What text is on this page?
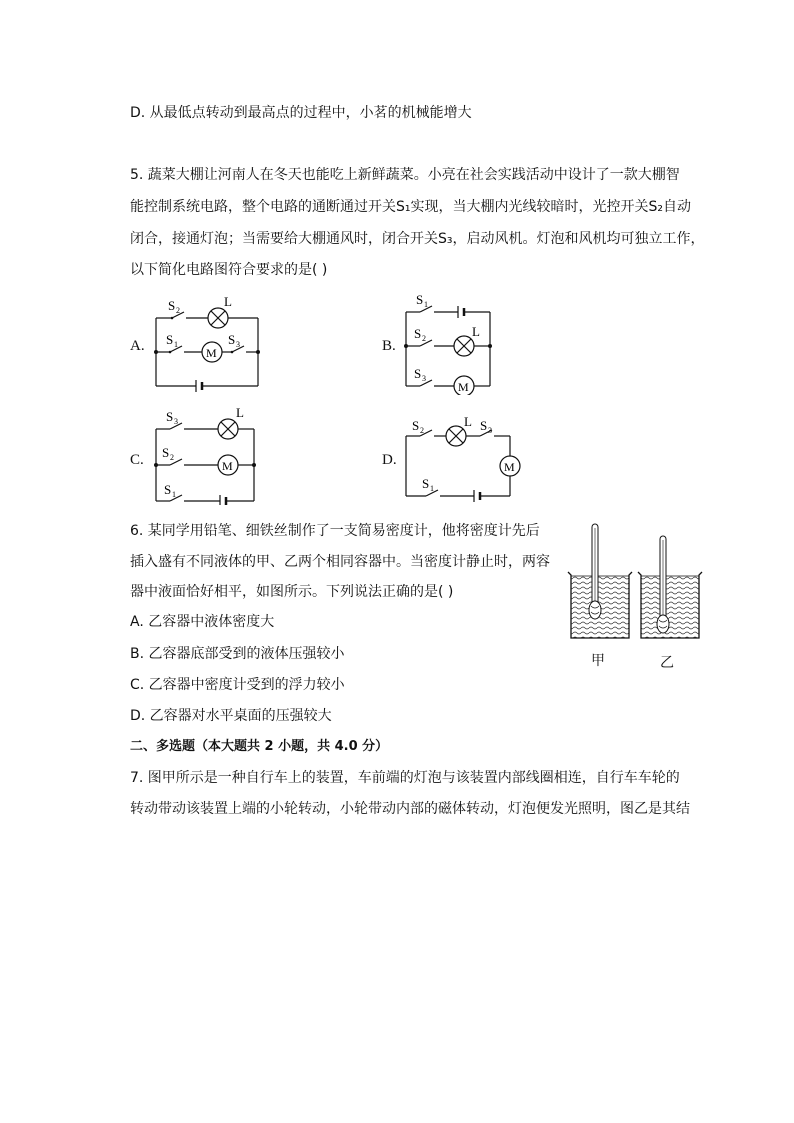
D. 从最低点转动到最高点的过程中，小茗的机械能增大
5. 蔬菜大棚让河南人在冬天也能吃上新鲜蔬菜。小亮在社会实践活动中设计了一款大棚智
能控制系统电路，整个电路的通断通过开关S₁实现，当大棚内光线较暗时，光控开关S₂自动
闭合，接通灯泡；当需要给大棚通风时，闭合开关S₃，启动风机。灯泡和风机均可独立工作，
以下简化电路图符合要求的是( )
A.
S 2
L
S 1
M
S 3	B.
S 1
S 2	L
S 3
M
C.
S 3
L
S 2
M
S 1
D.
S 2
L S 3
M
S 1
6. 某同学用铅笔、细铁丝制作了一支简易密度计，他将密度计先后
插入盛有不同液体的甲、乙两个相同容器中。当密度计静止时，两容
器中液面恰好相平，如图所示。下列说法正确的是( )
A. 乙容器中液体密度大
B. 乙容器底部受到的液体压强较小
C. 乙容器中密度计受到的浮力较小
D. 乙容器对水平桌面的压强较大
甲	乙
二、多选题（本大题共 2 小题，共 4.0 分）
7. 图甲所示是一种自行车上的装置，车前端的灯泡与该装置内部线圈相连，自行车车轮的
转动带动该装置上端的小轮转动，小轮带动内部的磁体转动，灯泡便发光照明，图乙是其结
